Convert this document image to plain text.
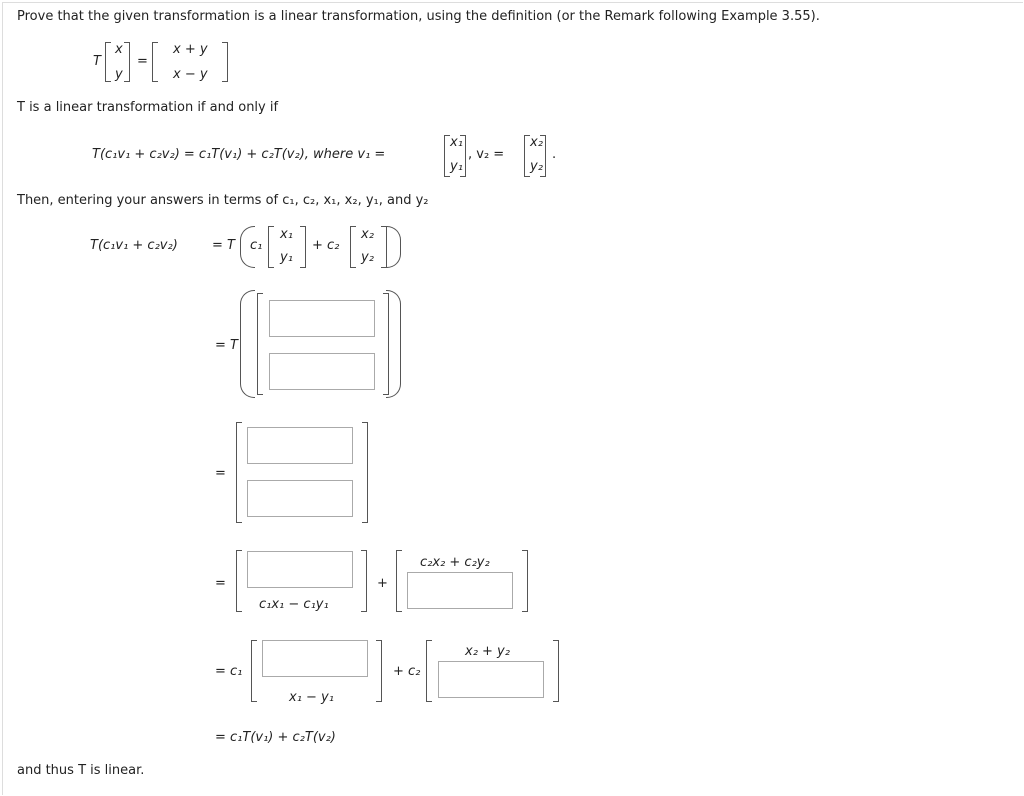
Prove that the given transformation is a linear transformation, using the definition (or the Remark following Example 3.55).
T
x
y
=
x + y
x − y
T is a linear transformation if and only if
T(c₁v₁ + c₂v₂) = c₁T(v₁) + c₂T(v₂), where v₁ =
x₁
y₁
, v₂ =
x₂
y₂
.
Then, entering your answers in terms of c₁, c₂, x₁, x₂, y₁, and y₂
T(c₁v₁ + c₂v₂)	= T c₁
x₁
y₁
+ c₂
x₂
y₂
= T
=
=
c₁x₁ − c₁y₁
+
c₂x₂ + c₂y₂
= c₁
x₁ − y₁
+ c₂
x₂ + y₂
= c₁T(v₁) + c₂T(v₂)
and thus T is linear.
